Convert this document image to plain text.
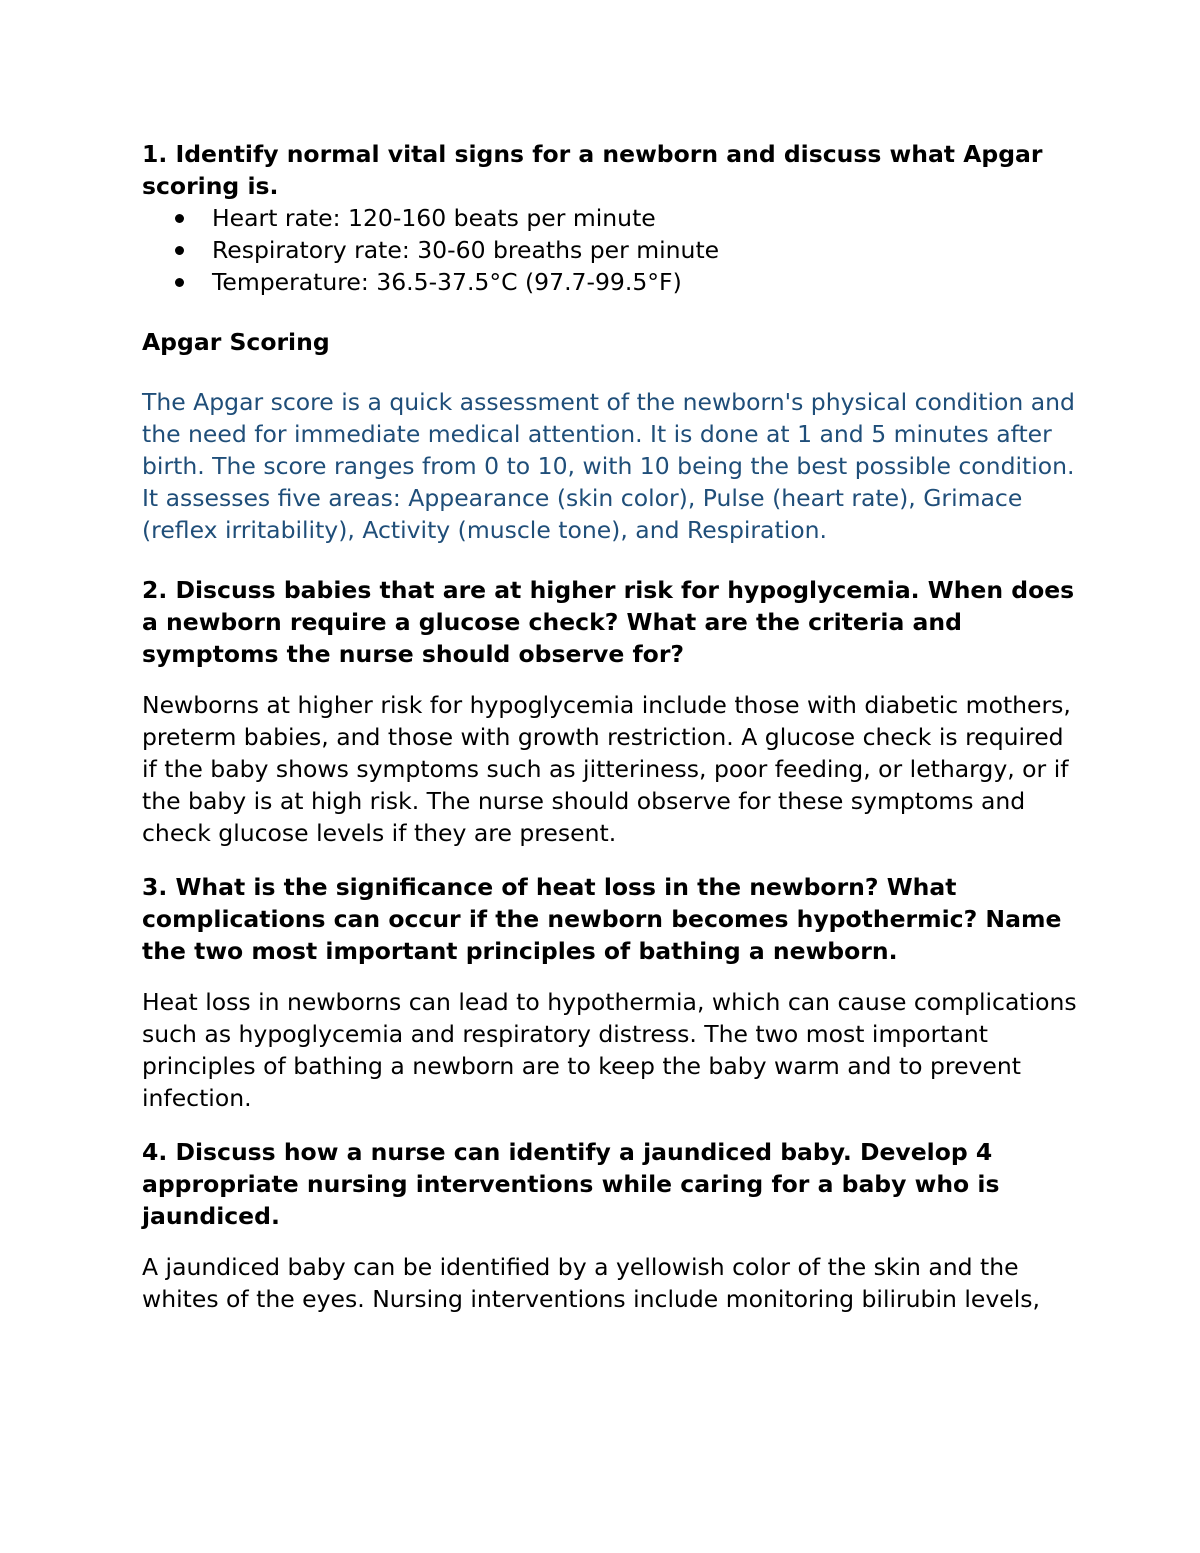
1. Identify normal vital signs for a newborn and discuss what Apgar scoring is.

Heart rate: 120-160 beats per minute
Respiratory rate: 30-60 breaths per minute
Temperature: 36.5-37.5°C (97.7-99.5°F)

Apgar Scoring

The Apgar score is a quick assessment of the newborn's physical condition and the need for immediate medical attention. It is done at 1 and 5 minutes after birth. The score ranges from 0 to 10, with 10 being the best possible condition. It assesses five areas: Appearance (skin color), Pulse (heart rate), Grimace (reflex irritability), Activity (muscle tone), and Respiration.

2. Discuss babies that are at higher risk for hypoglycemia. When does a newborn require a glucose check? What are the criteria and symptoms the nurse should observe for?

Newborns at higher risk for hypoglycemia include those with diabetic mothers, preterm babies, and those with growth restriction. A glucose check is required if the baby shows symptoms such as jitteriness, poor feeding, or lethargy, or if the baby is at high risk. The nurse should observe for these symptoms and check glucose levels if they are present.

3. What is the significance of heat loss in the newborn? What complications can occur if the newborn becomes hypothermic? Name the two most important principles of bathing a newborn.

Heat loss in newborns can lead to hypothermia, which can cause complications such as hypoglycemia and respiratory distress. The two most important principles of bathing a newborn are to keep the baby warm and to prevent infection.

4. Discuss how a nurse can identify a jaundiced baby. Develop 4 appropriate nursing interventions while caring for a baby who is jaundiced.

A jaundiced baby can be identified by a yellowish color of the skin and the whites of the eyes. Nursing interventions include monitoring bilirubin levels,
